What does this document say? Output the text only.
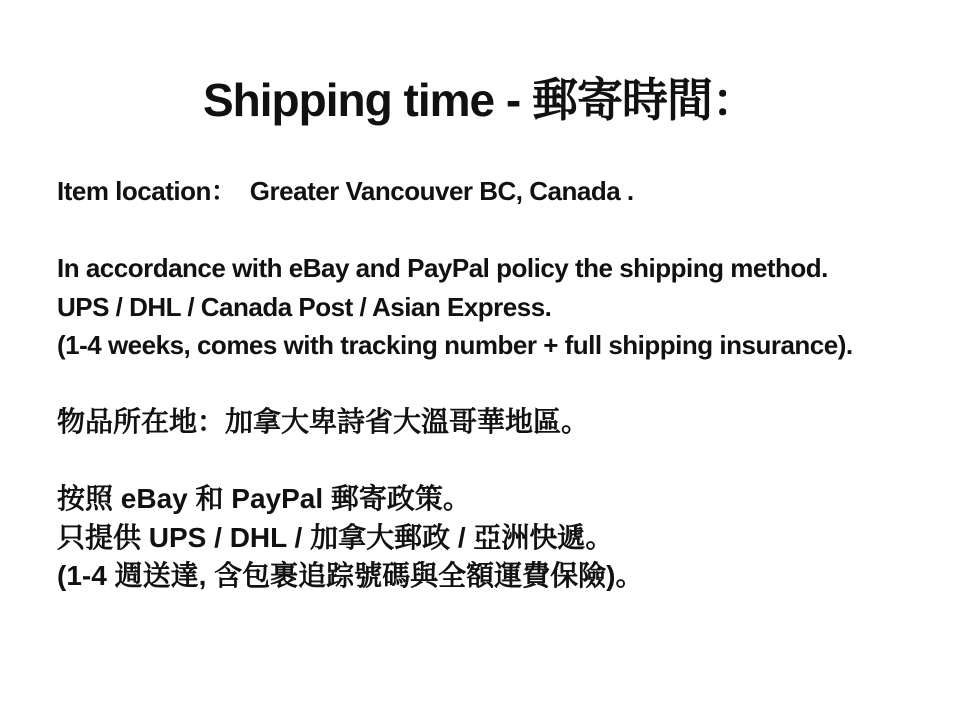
Shipping time - 郵寄時間：
Item location：  Greater Vancouver BC, Canada .
In accordance with eBay and PayPal policy the shipping method.
UPS / DHL / Canada Post / Asian Express.
(1-4 weeks, comes with tracking number + full shipping insurance).
物品所在地：加拿大卑詩省大溫哥華地區。
按照 eBay 和 PayPal 郵寄政策。
只提供 UPS / DHL / 加拿大郵政 / 亞洲快遞。
(1-4 週送達, 含包裹追踪號碼與全額運費保險)。
